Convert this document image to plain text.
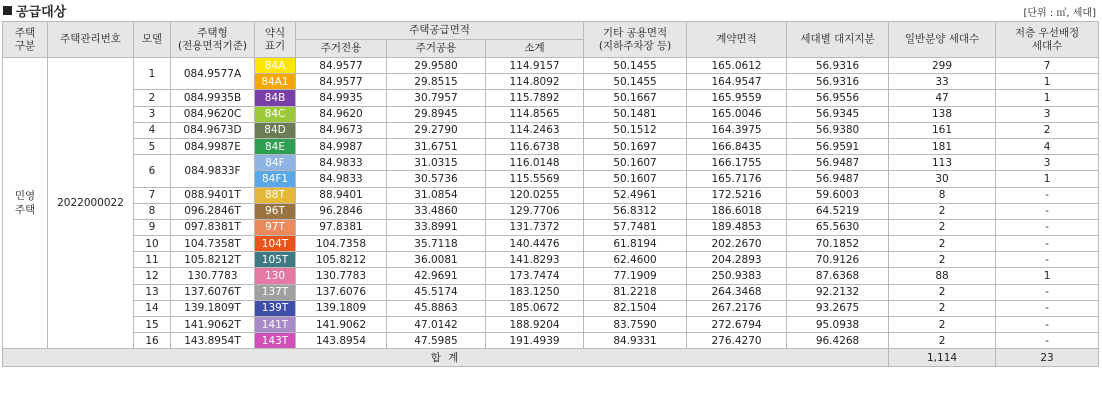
공급대상	[단위 : ㎡, 세대]
주택
구분	주택관리번호	모델	주택형
(전용면적기준)	약식
표기	주택공급면적			기타 공용면적
(지하주차장 등)	계약면적	세대별 대지지분	일반분양 세대수	저층 우선배정
세대수
					주거전용	주거공용	소계					
민영
주택	2022000022	1	084.9577A	84A	84.9577	29.9580	114.9157	50.1455	165.0612	56.9316	299	7
				84A1	84.9577	29.8515	114.8092	50.1455	164.9547	56.9316	33	1
		2	084.9935B	84B	84.9935	30.7957	115.7892	50.1667	165.9559	56.9556	47	1
		3	084.9620C	84C	84.9620	29.8945	114.8565	50.1481	165.0046	56.9345	138	3
		4	084.9673D	84D	84.9673	29.2790	114.2463	50.1512	164.3975	56.9380	161	2
		5	084.9987E	84E	84.9987	31.6751	116.6738	50.1697	166.8435	56.9591	181	4
		6	084.9833F	84F	84.9833	31.0315	116.0148	50.1607	166.1755	56.9487	113	3
				84F1	84.9833	30.5736	115.5569	50.1607	165.7176	56.9487	30	1
		7	088.9401T	88T	88.9401	31.0854	120.0255	52.4961	172.5216	59.6003	8	-
		8	096.2846T	96T	96.2846	33.4860	129.7706	56.8312	186.6018	64.5219	2	-
		9	097.8381T	97T	97.8381	33.8991	131.7372	57.7481	189.4853	65.5630	2	-
		10	104.7358T	104T	104.7358	35.7118	140.4476	61.8194	202.2670	70.1852	2	-
		11	105.8212T	105T	105.8212	36.0081	141.8293	62.4600	204.2893	70.9126	2	-
		12	130.7783	130	130.7783	42.9691	173.7474	77.1909	250.9383	87.6368	88	1
		13	137.6076T	137T	137.6076	45.5174	183.1250	81.2218	264.3468	92.2132	2	-
		14	139.1809T	139T	139.1809	45.8863	185.0672	82.1504	267.2176	93.2675	2	-
		15	141.9062T	141T	141.9062	47.0142	188.9204	83.7590	272.6794	95.0938	2	-
		16	143.8954T	143T	143.8954	47.5985	191.4939	84.9331	276.4270	96.4268	2	-
합 계											1,114	23
